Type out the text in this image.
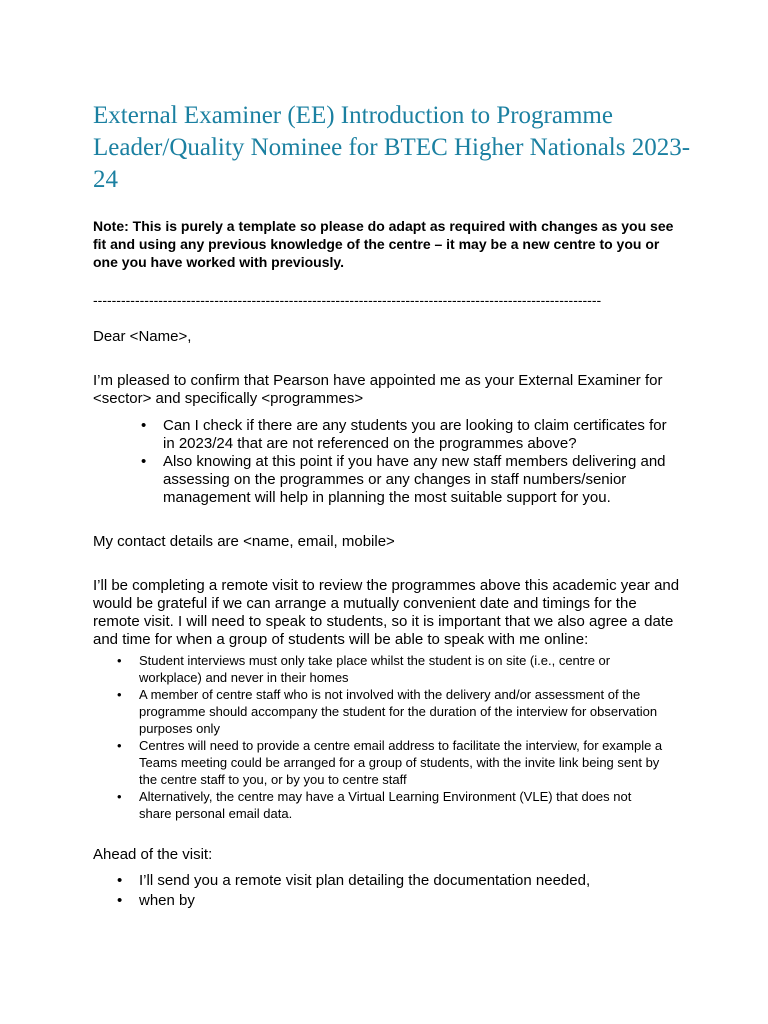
External Examiner (EE) Introduction to Programme Leader/Quality Nominee for BTEC Higher Nationals 2023-24

Note: This is purely a template so please do adapt as required with changes as you see fit and using any previous knowledge of the centre – it may be a new centre to you or one you have worked with previously.

-------------------------------------------------------------------------------------------------------------

Dear <Name>,

I’m pleased to confirm that Pearson have appointed me as your External Examiner for <sector> and specifically <programmes>

• Can I check if there are any students you are looking to claim certificates for in 2023/24 that are not referenced on the programmes above?
• Also knowing at this point if you have any new staff members delivering and assessing on the programmes or any changes in staff numbers/senior management will help in planning the most suitable support for you.

My contact details are <name, email, mobile>

I’ll be completing a remote visit to review the programmes above this academic year and would be grateful if we can arrange a mutually convenient date and timings for the remote visit. I will need to speak to students, so it is important that we also agree a date and time for when a group of students will be able to speak with me online:

• Student interviews must only take place whilst the student is on site (i.e., centre or workplace) and never in their homes
• A member of centre staff who is not involved with the delivery and/or assessment of the programme should accompany the student for the duration of the interview for observation purposes only
• Centres will need to provide a centre email address to facilitate the interview, for example a Teams meeting could be arranged for a group of students, with the invite link being sent by the centre staff to you, or by you to centre staff
• Alternatively, the centre may have a Virtual Learning Environment (VLE) that does not share personal email data.

Ahead of the visit:

• I’ll send you a remote visit plan detailing the documentation needed,
• when by
